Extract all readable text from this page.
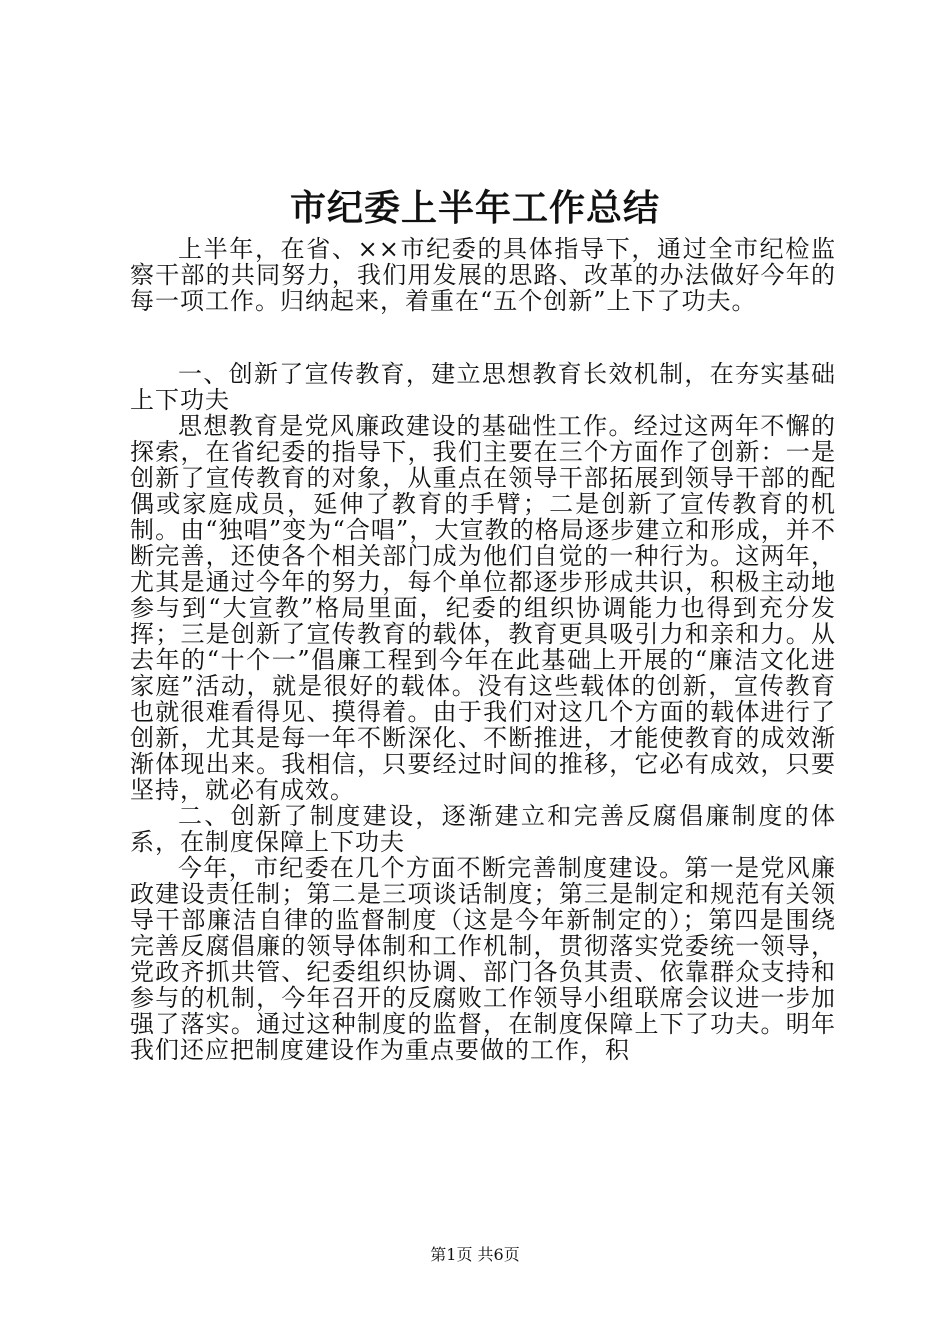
市纪委上半年工作总结

上半年，在省、××市纪委的具体指导下，通过全市纪检监察干部的共同努力，我们用发展的思路、改革的办法做好今年的每一项工作。归纳起来，着重在“五个创新”上下了功夫。

一、创新了宣传教育，建立思想教育长效机制，在夯实基础上下功夫

思想教育是党风廉政建设的基础性工作。经过这两年不懈的探索，在省纪委的指导下，我们主要在三个方面作了创新：一是创新了宣传教育的对象，从重点在领导干部拓展到领导干部的配偶或家庭成员，延伸了教育的手臂；二是创新了宣传教育的机制。由“独唱”变为“合唱”，大宣教的格局逐步建立和形成，并不断完善，还使各个相关部门成为他们自觉的一种行为。这两年，尤其是通过今年的努力，每个单位都逐步形成共识，积极主动地参与到“大宣教”格局里面，纪委的组织协调能力也得到充分发挥；三是创新了宣传教育的载体，教育更具吸引力和亲和力。从去年的“十个一”倡廉工程到今年在此基础上开展的“廉洁文化进家庭”活动，就是很好的载体。没有这些载体的创新，宣传教育也就很难看得见、摸得着。由于我们对这几个方面的载体进行了创新，尤其是每一年不断深化、不断推进，才能使教育的成效渐渐体现出来。我相信，只要经过时间的推移，它必有成效，只要坚持，就必有成效。

二、创新了制度建设，逐渐建立和完善反腐倡廉制度的体系，在制度保障上下功夫

今年，市纪委在几个方面不断完善制度建设。第一是党风廉政建设责任制；第二是三项谈话制度；第三是制定和规范有关领导干部廉洁自律的监督制度（这是今年新制定的）；第四是围绕完善反腐倡廉的领导体制和工作机制，贯彻落实党委统一领导，党政齐抓共管、纪委组织协调、部门各负其责、依靠群众支持和参与的机制，今年召开的反腐败工作领导小组联席会议进一步加强了落实。通过这种制度的监督，在制度保障上下了功夫。明年我们还应把制度建设作为重点要做的工作，积

第1页 共6页
